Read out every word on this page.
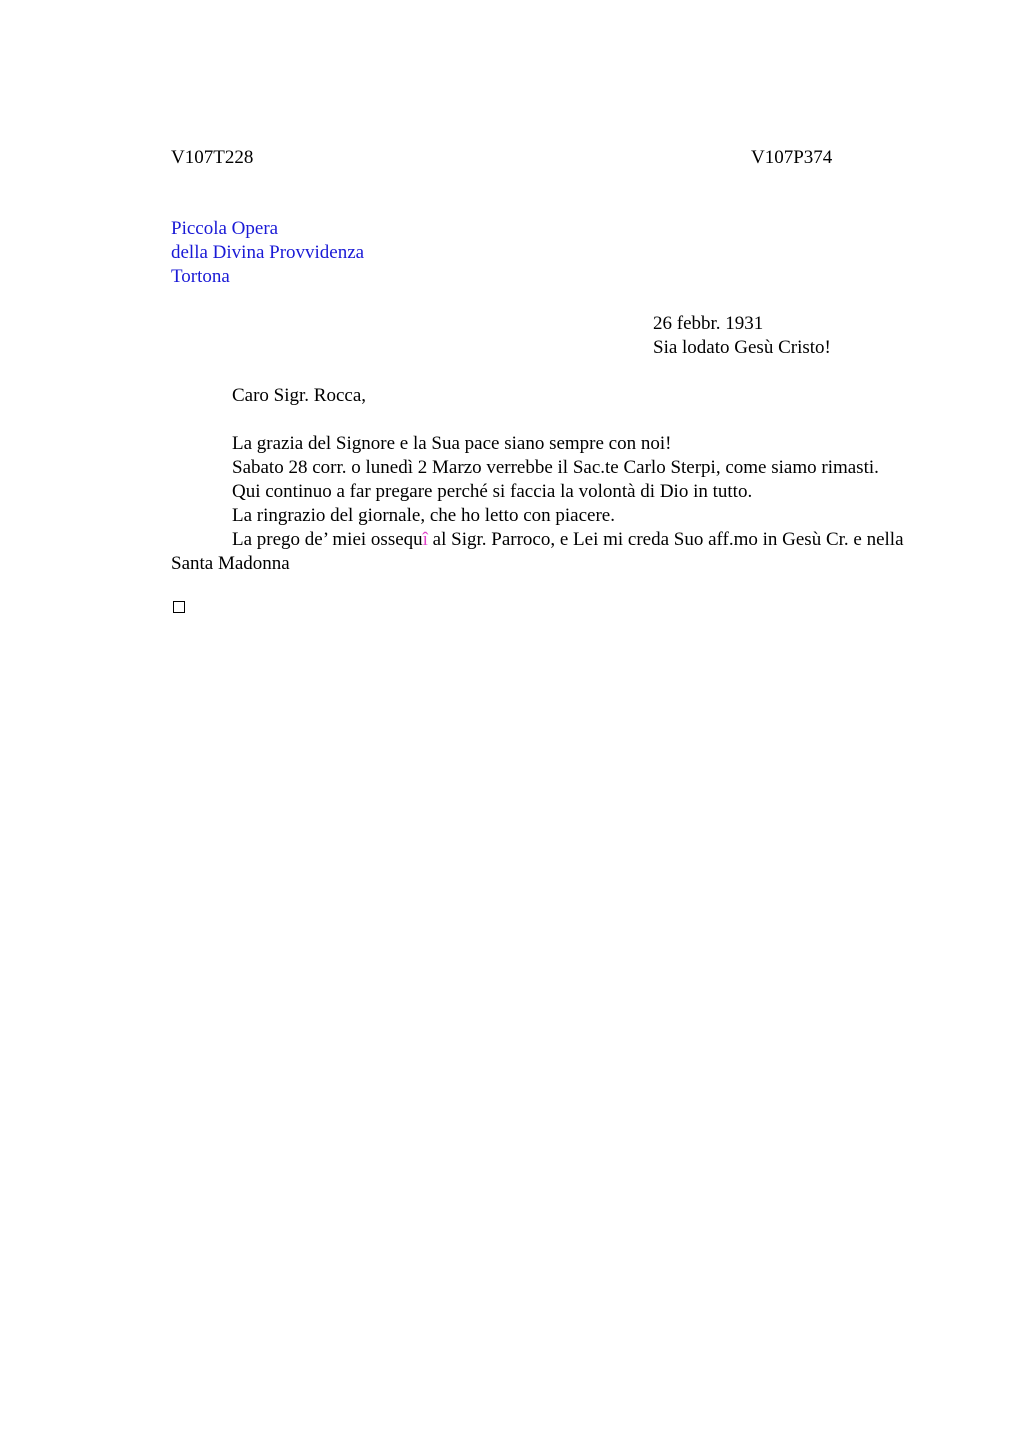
V107T228	V107P374
Piccola Opera
della Divina Provvidenza
Tortona
26 febbr. 1931
Sia lodato Gesù Cristo!
Caro Sigr. Rocca,

La grazia del Signore e la Sua pace siano sempre con noi!

Sabato 28 corr. o lunedì 2 Marzo verrebbe il Sac.te Carlo Sterpi, come siamo rimasti.

Qui continuo a far pregare perché si faccia la volontà di Dio in tutto.

La ringrazio del giornale, che ho letto con piacere.

La prego de’ miei ossequî al Sigr. Parroco, e Lei mi creda Suo aff.mo in Gesù Cr. e nella Santa Madonna
